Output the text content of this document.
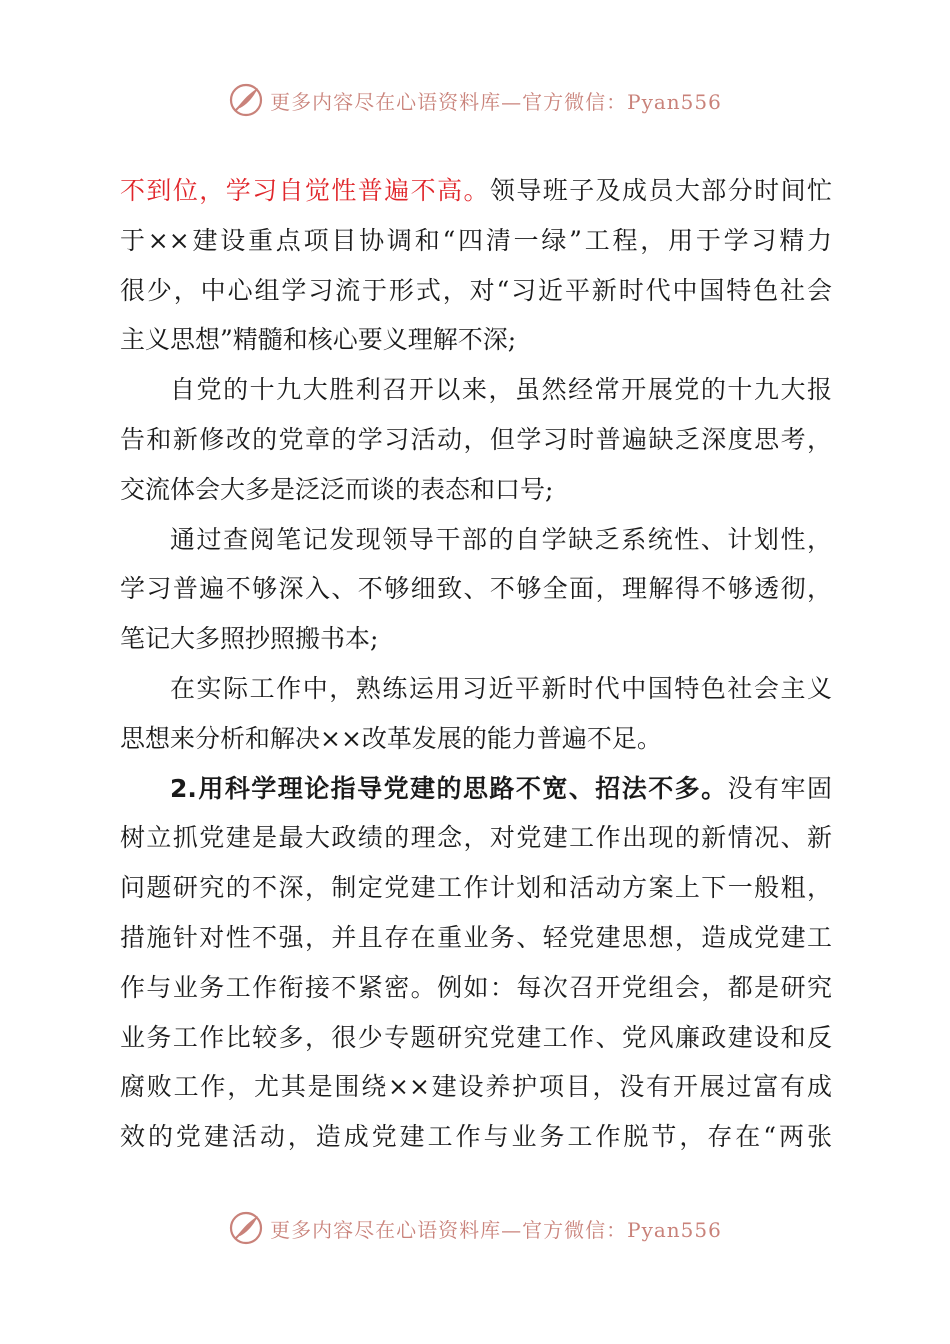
更多内容尽在心语资料库—官方微信：Pyan556
不到位，学习自觉性普遍不高。领导班子及成员大部分时间忙
于××建设重点项目协调和“四清一绿”工程，用于学习精力
很少，中心组学习流于形式，对“习近平新时代中国特色社会
主义思想”精髓和核心要义理解不深;
自党的十九大胜利召开以来，虽然经常开展党的十九大报
告和新修改的党章的学习活动，但学习时普遍缺乏深度思考，
交流体会大多是泛泛而谈的表态和口号;
通过查阅笔记发现领导干部的自学缺乏系统性、计划性，
学习普遍不够深入、不够细致、不够全面，理解得不够透彻，
笔记大多照抄照搬书本;
在实际工作中，熟练运用习近平新时代中国特色社会主义
思想来分析和解决××改革发展的能力普遍不足。
2.用科学理论指导党建的思路不宽、招法不多。没有牢固
树立抓党建是最大政绩的理念，对党建工作出现的新情况、新
问题研究的不深，制定党建工作计划和活动方案上下一般粗，
措施针对性不强，并且存在重业务、轻党建思想，造成党建工
作与业务工作衔接不紧密。例如：每次召开党组会，都是研究
业务工作比较多，很少专题研究党建工作、党风廉政建设和反
腐败工作，尤其是围绕××建设养护项目，没有开展过富有成
效的党建活动，造成党建工作与业务工作脱节，存在“两张
更多内容尽在心语资料库—官方微信：Pyan556
